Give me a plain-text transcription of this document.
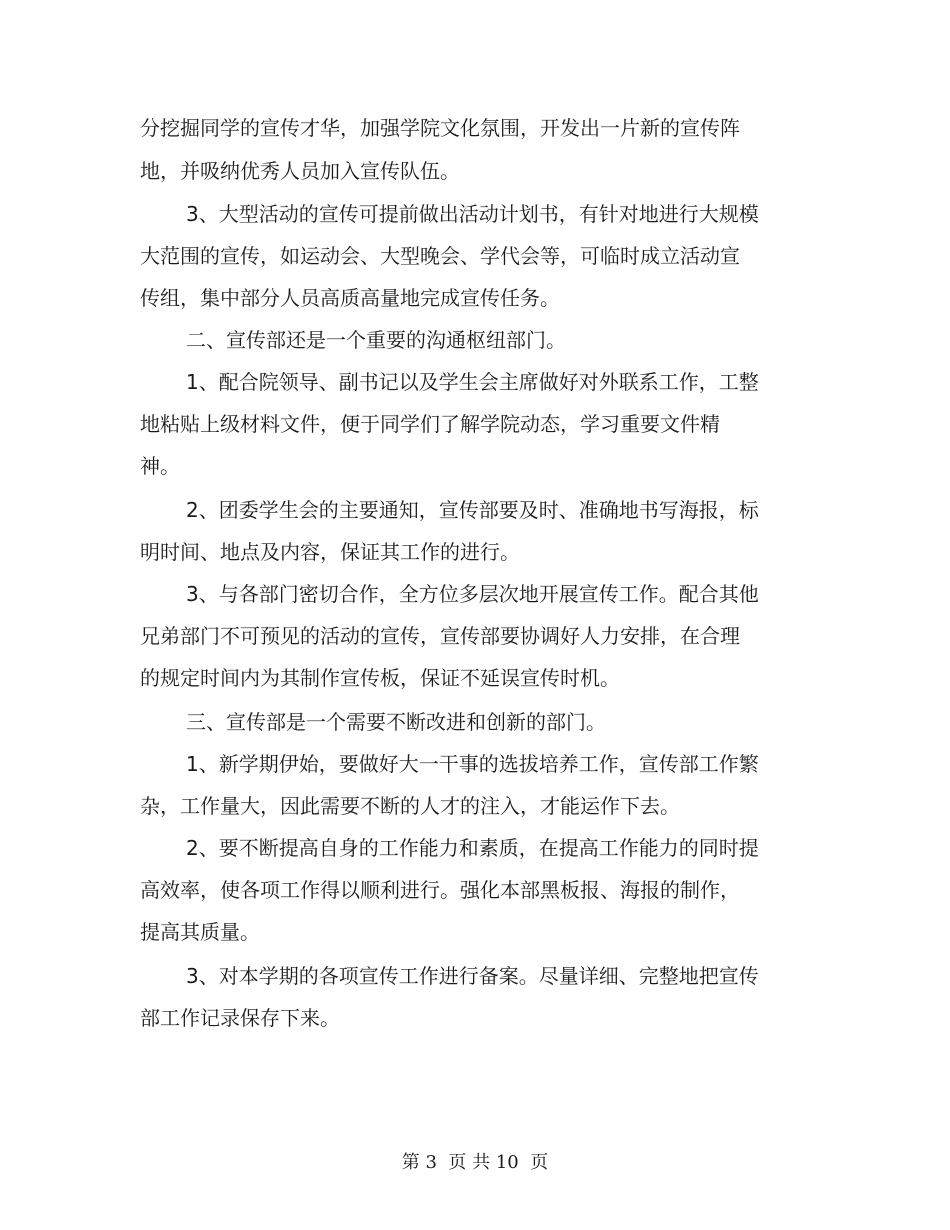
分挖掘同学的宣传才华，加强学院文化氛围，开发出一片新的宣传阵

地，并吸纳优秀人员加入宣传队伍。

3、大型活动的宣传可提前做出活动计划书，有针对地进行大规模

大范围的宣传，如运动会、大型晚会、学代会等，可临时成立活动宣

传组，集中部分人员高质高量地完成宣传任务。

二、宣传部还是一个重要的沟通枢纽部门。

1、配合院领导、副书记以及学生会主席做好对外联系工作，工整

地粘贴上级材料文件，便于同学们了解学院动态，学习重要文件精

神。

2、团委学生会的主要通知，宣传部要及时、准确地书写海报，标

明时间、地点及内容，保证其工作的进行。

3、与各部门密切合作，全方位多层次地开展宣传工作。配合其他

兄弟部门不可预见的活动的宣传，宣传部要协调好人力安排，在合理

的规定时间内为其制作宣传板，保证不延误宣传时机。

三、宣传部是一个需要不断改进和创新的部门。

1、新学期伊始，要做好大一干事的选拔培养工作，宣传部工作繁

杂，工作量大，因此需要不断的人才的注入，才能运作下去。

2、要不断提高自身的工作能力和素质，在提高工作能力的同时提

高效率，使各项工作得以顺利进行。强化本部黑板报、海报的制作，

提高其质量。

3、对本学期的各项宣传工作进行备案。尽量详细、完整地把宣传

部工作记录保存下来。

第 3  页 共 10  页
